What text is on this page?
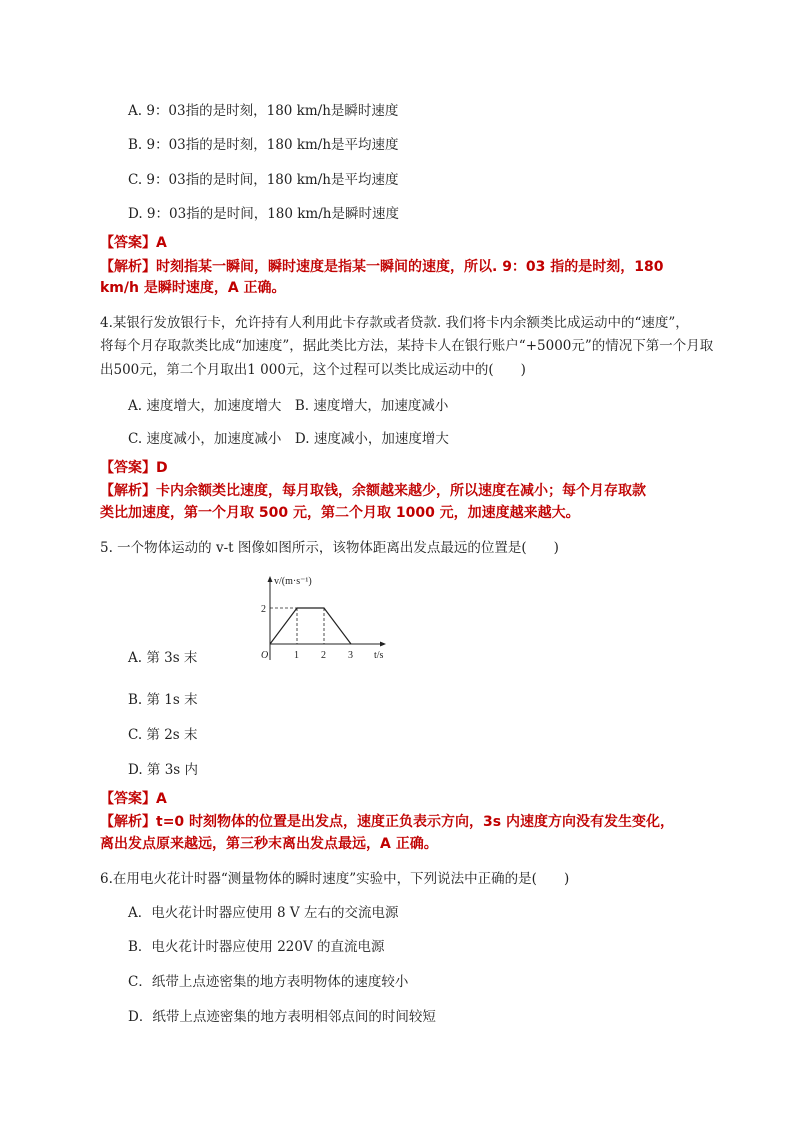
A. 9：03指的是时刻，180 km/h是瞬时速度
B. 9：03指的是时刻，180 km/h是平均速度
C. 9：03指的是时间，180 km/h是平均速度
D. 9：03指的是时间，180 km/h是瞬时速度
【答案】A
【解析】时刻指某一瞬间，瞬时速度是指某一瞬间的速度，所以. 9：03 指的是时刻，180
km/h 是瞬时速度，A 正确。
4.某银行发放银行卡，允许持有人利用此卡存款或者贷款. 我们将卡内余额类比成运动中的“速度”，
将每个月存取款类比成“加速度”，据此类比方法，某持卡人在银行账户“+5000元”的情况下第一个月取
出500元，第二个月取出1 000元，这个过程可以类比成运动中的(　　)
A. 速度增大，加速度增大　B. 速度增大，加速度减小
C. 速度减小，加速度减小　D. 速度减小，加速度增大
【答案】D
【解析】卡内余额类比速度，每月取钱，余额越来越少，所以速度在减小；每个月存取款
类比加速度，第一个月取 500 元，第二个月取 1000 元，加速度越来越大。
5. 一个物体运动的 v-t 图像如图所示，该物体距离出发点最远的位置是(　　)
v/(m·s⁻¹)
t/s
O
2
1 2 3
A. 第 3s 末
B. 第 1s 末
C. 第 2s 末
D. 第 3s 内
【答案】A
【解析】t=0 时刻物体的位置是出发点，速度正负表示方向，3s 内速度方向没有发生变化，
离出发点原来越远，第三秒末离出发点最远，A 正确。
6.在用电火花计时器“测量物体的瞬时速度”实验中，下列说法中正确的是(　　)
A．电火花计时器应使用 8 V 左右的交流电源
B．电火花计时器应使用 220V 的直流电源
C．纸带上点迹密集的地方表明物体的速度较小
D．纸带上点迹密集的地方表明相邻点间的时间较短
